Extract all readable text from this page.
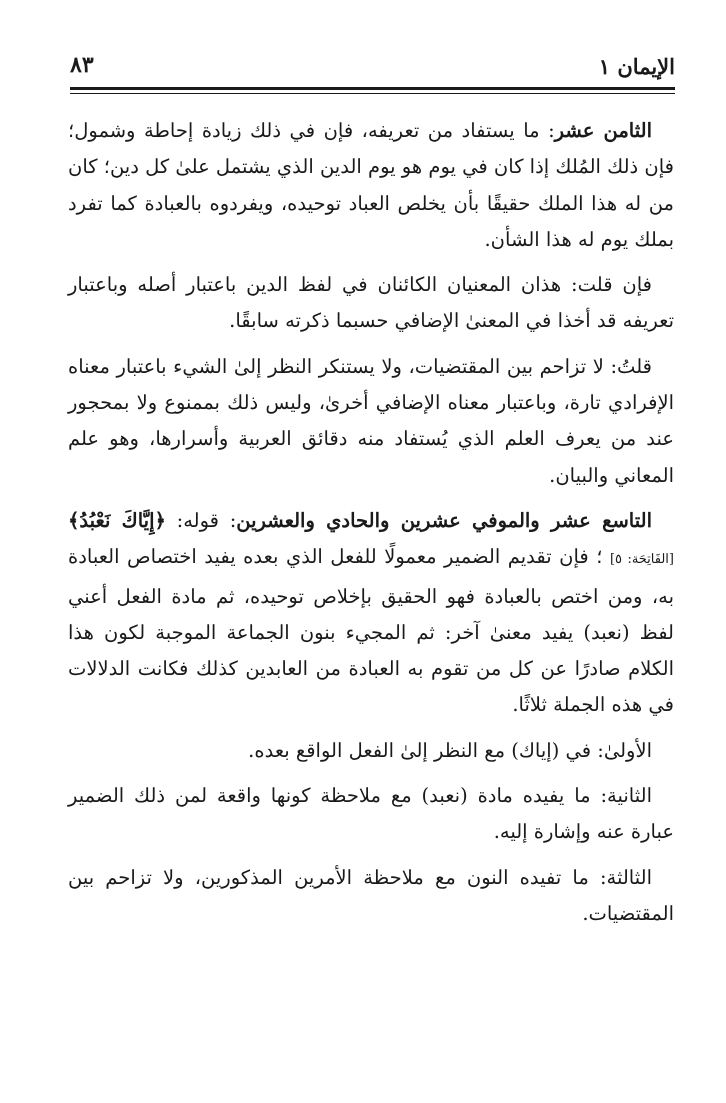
الإيمان ١
٨٣

الثامن عشر: ما يستفاد من تعريفه، فإن في ذلك زيادة إحاطة وشمول؛ فإن ذلك المُلك إذا كان في يوم هو يوم الدين الذي يشتمل علىٰ كل دين؛ كان من له هذا الملك حقيقًا بأن يخلص العباد توحيده، ويفردوه بالعبادة كما تفرد بملك يوم له هذا الشأن.

فإن قلت: هذان المعنيان الكائنان في لفظ الدين باعتبار أصله وباعتبار تعريفه قد أخذا في المعنىٰ الإضافي حسبما ذكرته سابقًا.

قلتُ: لا تزاحم بين المقتضيات، ولا يستنكر النظر إلىٰ الشيء باعتبار معناه الإفرادي تارة، وباعتبار معناه الإضافي أخرىٰ، وليس ذلك بممنوع ولا بمحجور عند من يعرف العلم الذي يُستفاد منه دقائق العربية وأسرارها، وهو علم المعاني والبيان.

التاسع عشر والموفي عشرين والحادي والعشرين: قوله: ﴿إِيَّاكَ نَعْبُدُ﴾ [الفَاتِحَة: ٥] ؛ فإن تقديم الضمير معمولًا للفعل الذي بعده يفيد اختصاص العبادة به، ومن اختص بالعبادة فهو الحقيق بإخلاص توحيده، ثم مادة الفعل أعني لفظ (نعبد) يفيد معنىٰ آخر: ثم المجيء بنون الجماعة الموجبة لكون هذا الكلام صادرًا عن كل من تقوم به العبادة من العابدين كذلك فكانت الدلالات في هذه الجملة ثلاثًا.

الأولىٰ: في (إياك) مع النظر إلىٰ الفعل الواقع بعده.

الثانية: ما يفيده مادة (نعبد) مع ملاحظة كونها واقعة لمن ذلك الضمير عبارة عنه وإشارة إليه.

الثالثة: ما تفيده النون مع ملاحظة الأمرين المذكورين، ولا تزاحم بين المقتضيات.
